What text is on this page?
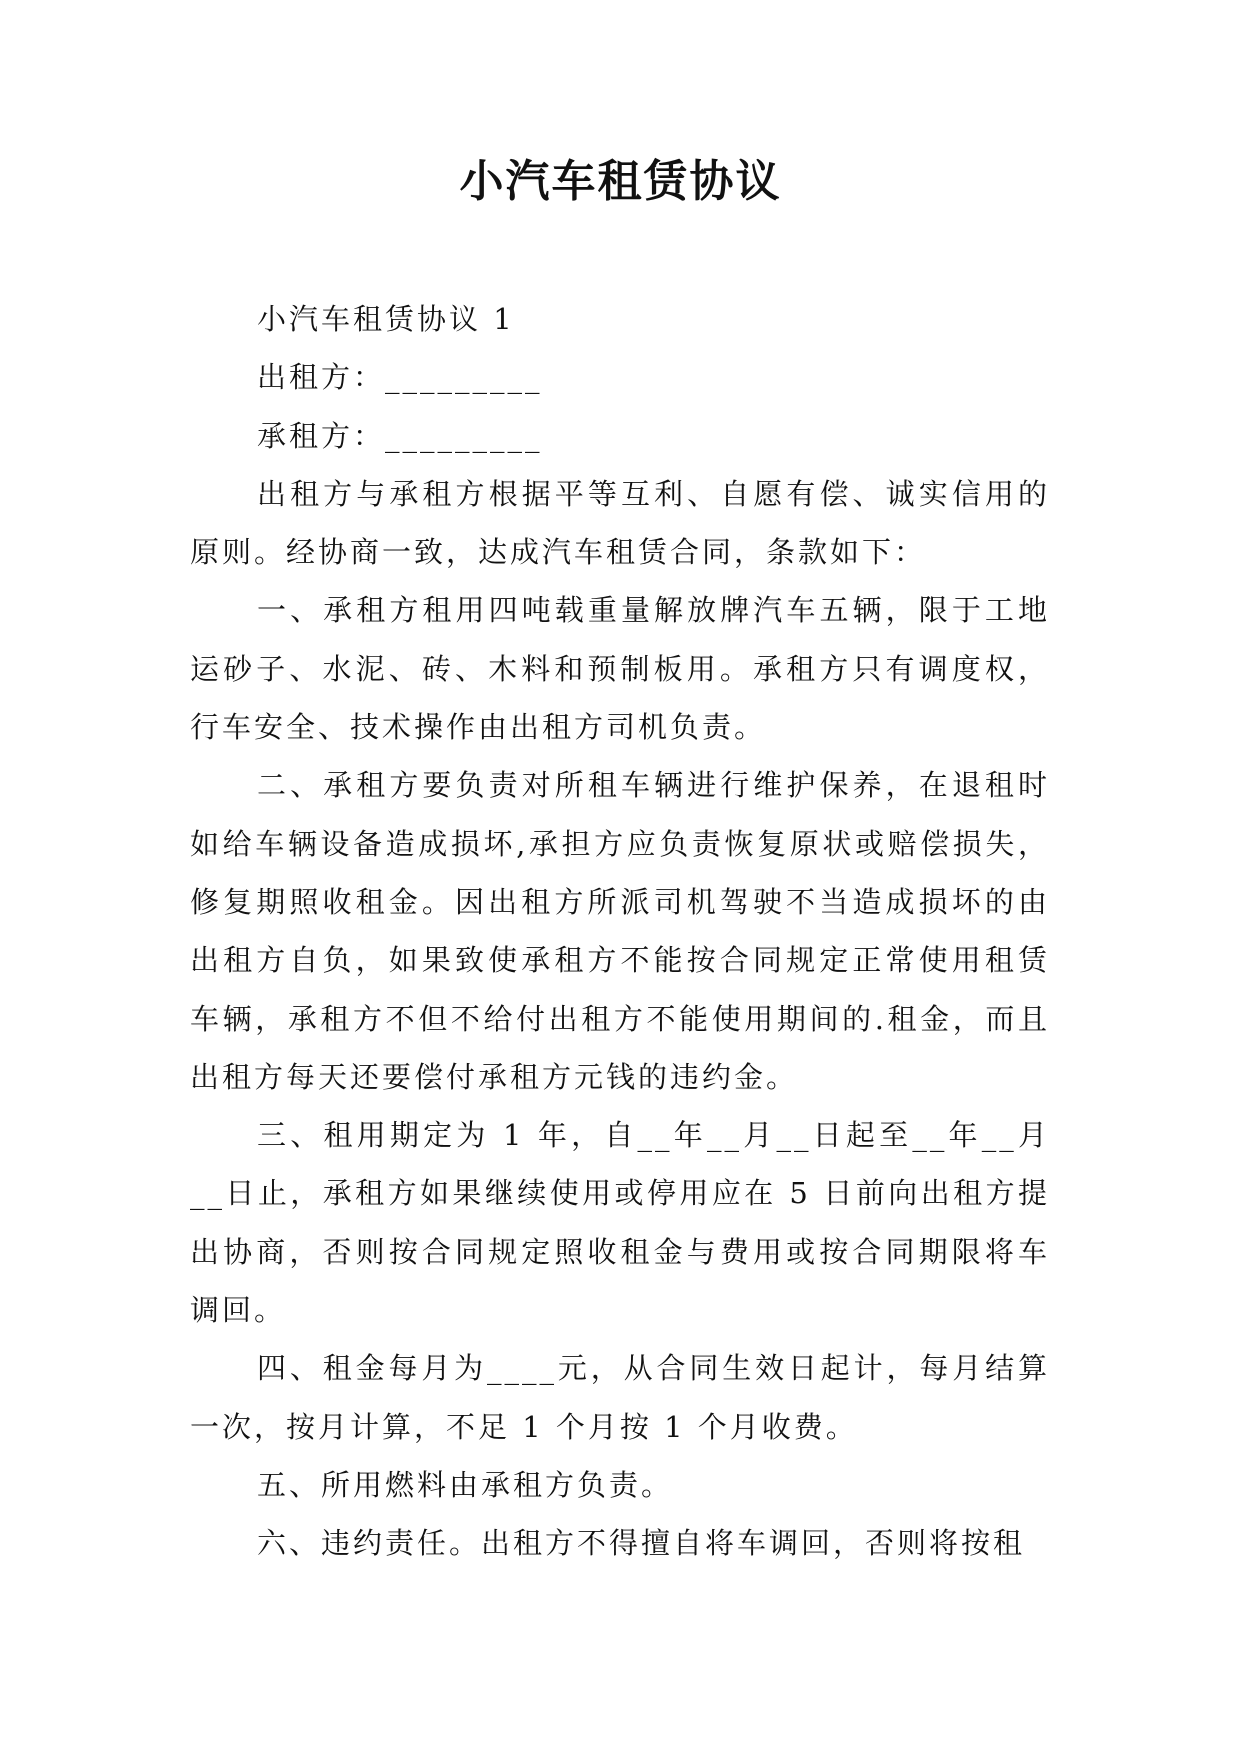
小汽车租赁协议

小汽车租赁协议 1

出租方：_________

承租方：_________

出租方与承租方根据平等互利、自愿有偿、诚实信用的原则。经协商一致，达成汽车租赁合同，条款如下：

一、承租方租用四吨载重量解放牌汽车五辆，限于工地运砂子、水泥、砖、木料和预制板用。承租方只有调度权，行车安全、技术操作由出租方司机负责。

二、承租方要负责对所租车辆进行维护保养，在退租时如给车辆设备造成损坏,承担方应负责恢复原状或赔偿损失，修复期照收租金。因出租方所派司机驾驶不当造成损坏的由出租方自负，如果致使承租方不能按合同规定正常使用租赁车辆，承租方不但不给付出租方不能使用期间的.租金，而且出租方每天还要偿付承租方元钱的违约金。

三、租用期定为 1 年，自__年__月__日起至__年__月__日止，承租方如果继续使用或停用应在 5 日前向出租方提出协商，否则按合同规定照收租金与费用或按合同期限将车调回。

四、租金每月为____元，从合同生效日起计，每月结算一次，按月计算，不足 1 个月按 1 个月收费。

五、所用燃料由承租方负责。

六、违约责任。出租方不得擅自将车调回，否则将按租
